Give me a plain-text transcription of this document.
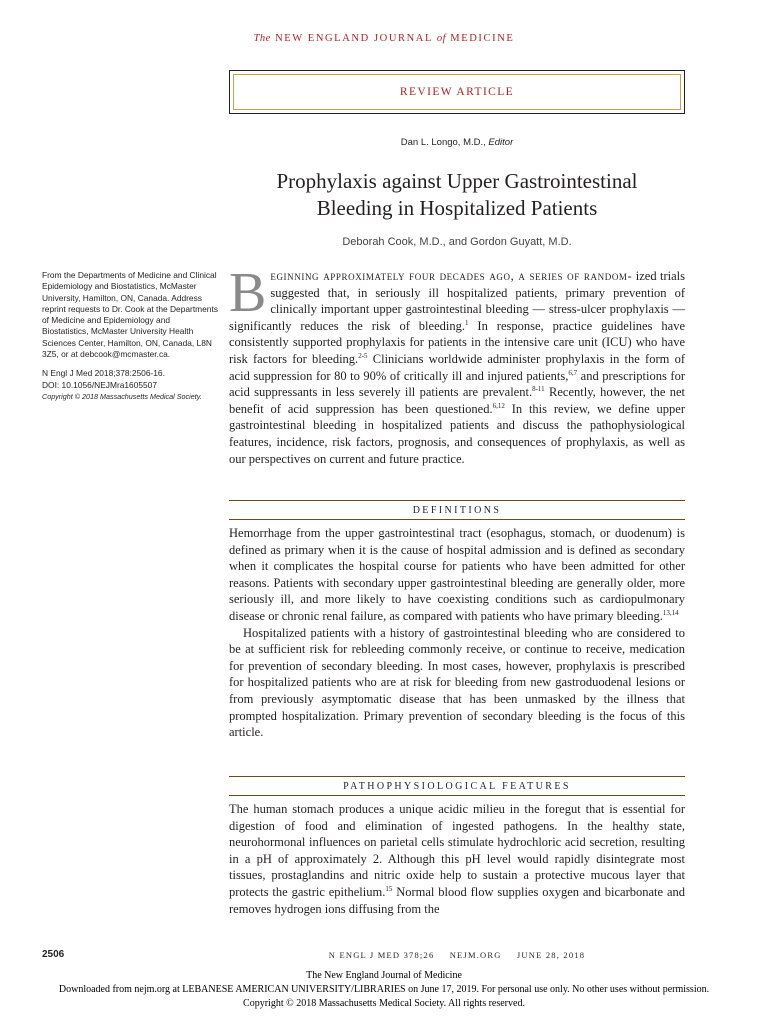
The NEW ENGLAND JOURNAL of MEDICINE
REVIEW ARTICLE
Dan L. Longo, M.D., Editor
Prophylaxis against Upper Gastrointestinal
Bleeding in Hospitalized Patients
Deborah Cook, M.D., and Gordon Guyatt, M.D.

From the Departments of Medicine and Clinical Epidemiology and Biostatistics, McMaster University, Hamilton, ON, Canada. Address reprint requests to Dr. Cook at the Departments of Medicine and Epidemiology and Biostatistics, McMaster University Health Sciences Center, Hamilton, ON, Canada, L8N 3Z5, or at debcook@mcmaster.ca.

N Engl J Med 2018;378:2506-16.

DOI: 10.1056/NEJMra1605507

Copyright © 2018 Massachusetts Medical Society.

Beginning approximately four decades ago, a series of random- ized trials suggested that, in seriously ill hospitalized patients, primary prevention of clinically important upper gastrointestinal bleeding — stress-ulcer prophylaxis — significantly reduces the risk of bleeding.$^1$ In response, practice guidelines have consistently supported prophylaxis for patients in the intensive care unit (ICU) who have risk factors for bleeding.$^{2-5}$ Clinicians worldwide administer prophylaxis in the form of acid suppression for 80 to 90% of critically ill and injured patients,$^{6,7}$ and prescriptions for acid suppressants in less severely ill patients are prevalent.$^{8-11}$ Recently, however, the net benefit of acid suppression has been questioned.$^{6,12}$ In this review, we define upper gastrointestinal bleeding in hospitalized patients and discuss the pathophysiological features, incidence, risk factors, prognosis, and consequences of prophylaxis, as well as our perspectives on current and future practice.

DEFINITIONS

Hemorrhage from the upper gastrointestinal tract (esophagus, stomach, or duodenum) is defined as primary when it is the cause of hospital admission and is defined as secondary when it complicates the hospital course for patients who have been admitted for other reasons. Patients with secondary upper gastrointestinal bleeding are generally older, more seriously ill, and more likely to have coexisting conditions such as cardiopulmonary disease or chronic renal failure, as compared with patients who have primary bleeding.$^{13,14}$

Hospitalized patients with a history of gastrointestinal bleeding who are considered to be at sufficient risk for rebleeding commonly receive, or continue to receive, medication for prevention of secondary bleeding. In most cases, however, prophylaxis is prescribed for hospitalized patients who are at risk for bleeding from new gastroduodenal lesions or from previously asymptomatic disease that has been unmasked by the illness that prompted hospitalization. Primary prevention of secondary bleeding is the focus of this article.

PATHOPHYSIOLOGICAL FEATURES

The human stomach produces a unique acidic milieu in the foregut that is essential for digestion of food and elimination of ingested pathogens. In the healthy state, neurohormonal influences on parietal cells stimulate hydrochloric acid secretion, resulting in a pH of approximately 2. Although this pH level would rapidly disintegrate most tissues, prostaglandins and nitric oxide help to sustain a protective mucous layer that protects the gastric epithelium.$^{15}$ Normal blood flow supplies oxygen and bicarbonate and removes hydrogen ions diffusing from the

2506	N ENGL J MED 378;26 NEJM.ORG JUNE 28, 2018
The New England Journal of Medicine
Downloaded from nejm.org at LEBANESE AMERICAN UNIVERSITY/LIBRARIES on June 17, 2019. For personal use only. No other uses without permission.
Copyright © 2018 Massachusetts Medical Society. All rights reserved.
